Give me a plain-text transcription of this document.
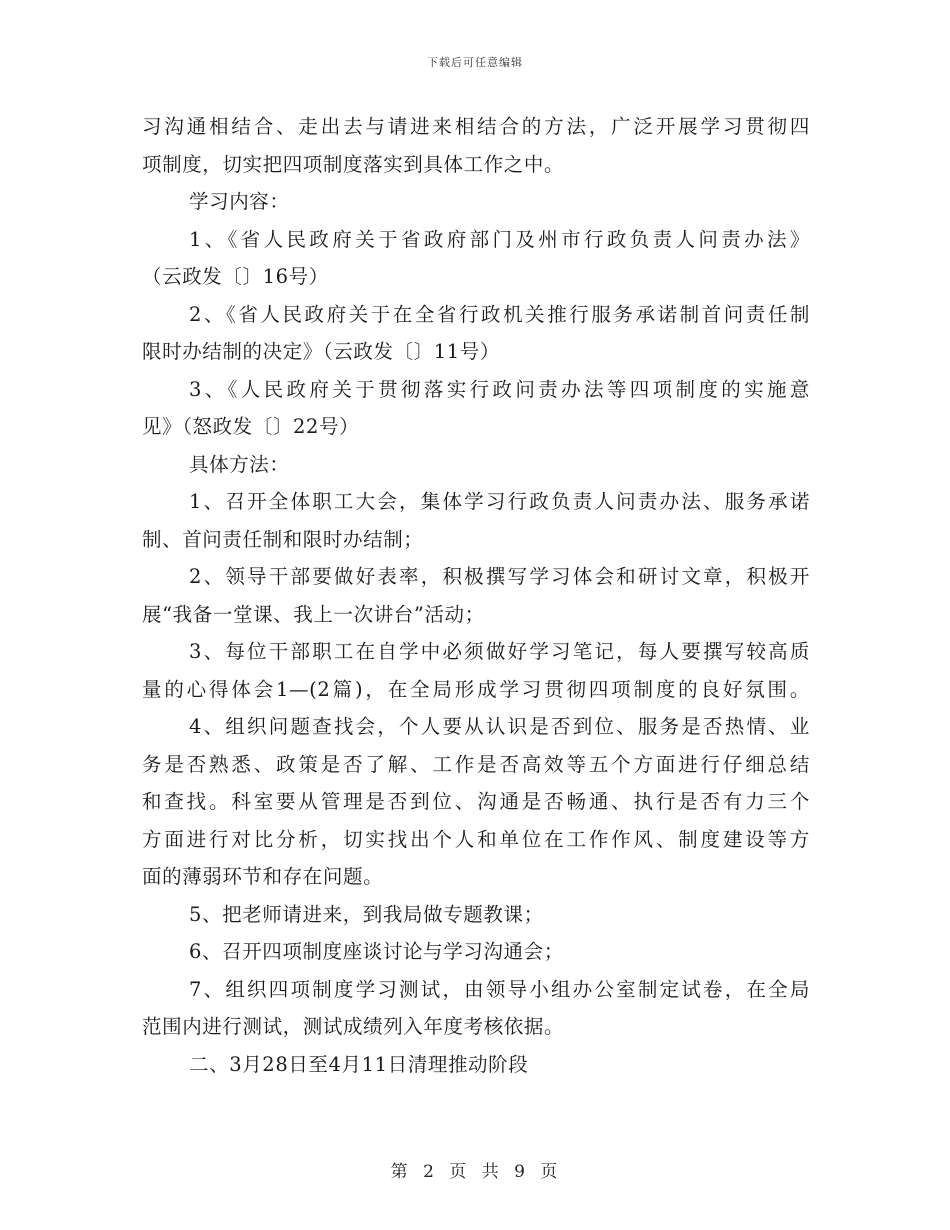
下载后可任意编辑
习沟通相结合、走出去与请进来相结合的方法，广泛开展学习贯彻四
项制度，切实把四项制度落实到具体工作之中。
学习内容：
1、《省人民政府关于省政府部门及州市行政负责人问责办法》
（云政发〔〕16号）
2、《省人民政府关于在全省行政机关推行服务承诺制首问责任制
限时办结制的决定》（云政发〔〕11号）
3、《人民政府关于贯彻落实行政问责办法等四项制度的实施意
见》（怒政发〔〕22号）
具体方法：
1、召开全体职工大会，集体学习行政负责人问责办法、服务承诺
制、首问责任制和限时办结制；
2、领导干部要做好表率，积极撰写学习体会和研讨文章，积极开
展“我备一堂课、我上一次讲台”活动；
3、每位干部职工在自学中必须做好学习笔记，每人要撰写较高质
量的心得体会1—(2篇)，在全局形成学习贯彻四项制度的良好氛围。
4、组织问题查找会，个人要从认识是否到位、服务是否热情、业
务是否熟悉、政策是否了解、工作是否高效等五个方面进行仔细总结
和查找。科室要从管理是否到位、沟通是否畅通、执行是否有力三个
方面进行对比分析，切实找出个人和单位在工作作风、制度建设等方
面的薄弱环节和存在问题。
5、把老师请进来，到我局做专题教课；
6、召开四项制度座谈讨论与学习沟通会；
7、组织四项制度学习测试，由领导小组办公室制定试卷，在全局
范围内进行测试，测试成绩列入年度考核依据。
二、3月28日至4月11日清理推动阶段
第 2 页 共 9 页
